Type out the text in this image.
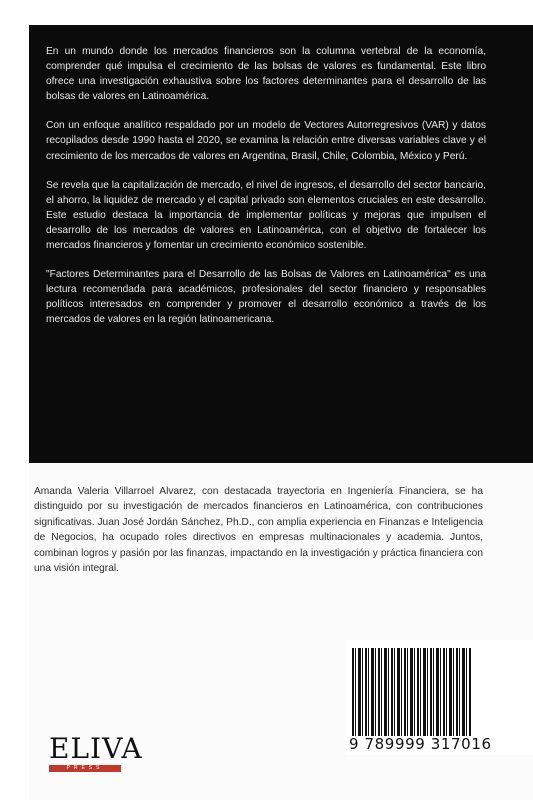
En un mundo donde los mercados financieros son la columna vertebral de la economía, comprender qué impulsa el crecimiento de las bolsas de valores es fundamental. Este libro ofrece una investigación exhaustiva sobre los factores determinantes para el desarrollo de las bolsas de valores en Latinoamérica.

Con un enfoque analítico respaldado por un modelo de Vectores Autorregresivos (VAR) y datos recopilados desde 1990 hasta el 2020, se examina la relación entre diversas variables clave y el crecimiento de los mercados de valores en Argentina, Brasil, Chile, Colombia, México y Perú.

Se revela que la capitalización de mercado, el nivel de ingresos, el desarrollo del sector bancario, el ahorro, la liquidez de mercado y el capital privado son elementos cruciales en este desarrollo. Este estudio destaca la importancia de implementar políticas y mejoras que impulsen el desarrollo de los mercados de valores en Latinoamérica, con el objetivo de fortalecer los mercados financieros y fomentar un crecimiento económico sostenible.

"Factores Determinantes para el Desarrollo de las Bolsas de Valores en Latinoamérica" es una lectura recomendada para académicos, profesionales del sector financiero y responsables políticos interesados en comprender y promover el desarrollo económico a través de los mercados de valores en la región latinoamericana.

Amanda Valeria Villarroel Alvarez, con destacada trayectoria en Ingeniería Financiera, se ha distinguido por su investigación de mercados financieros en Latinoamérica, con contribuciones significativas. Juan José Jordán Sánchez, Ph.D., con amplia experiencia en Finanzas e Inteligencia de Negocios, ha ocupado roles directivos en empresas multinacionales y academia. Juntos, combinan logros y pasión por las finanzas, impactando en la investigación y práctica financiera con una visión integral.

9 789999 317016
ELIVA
PRESS
